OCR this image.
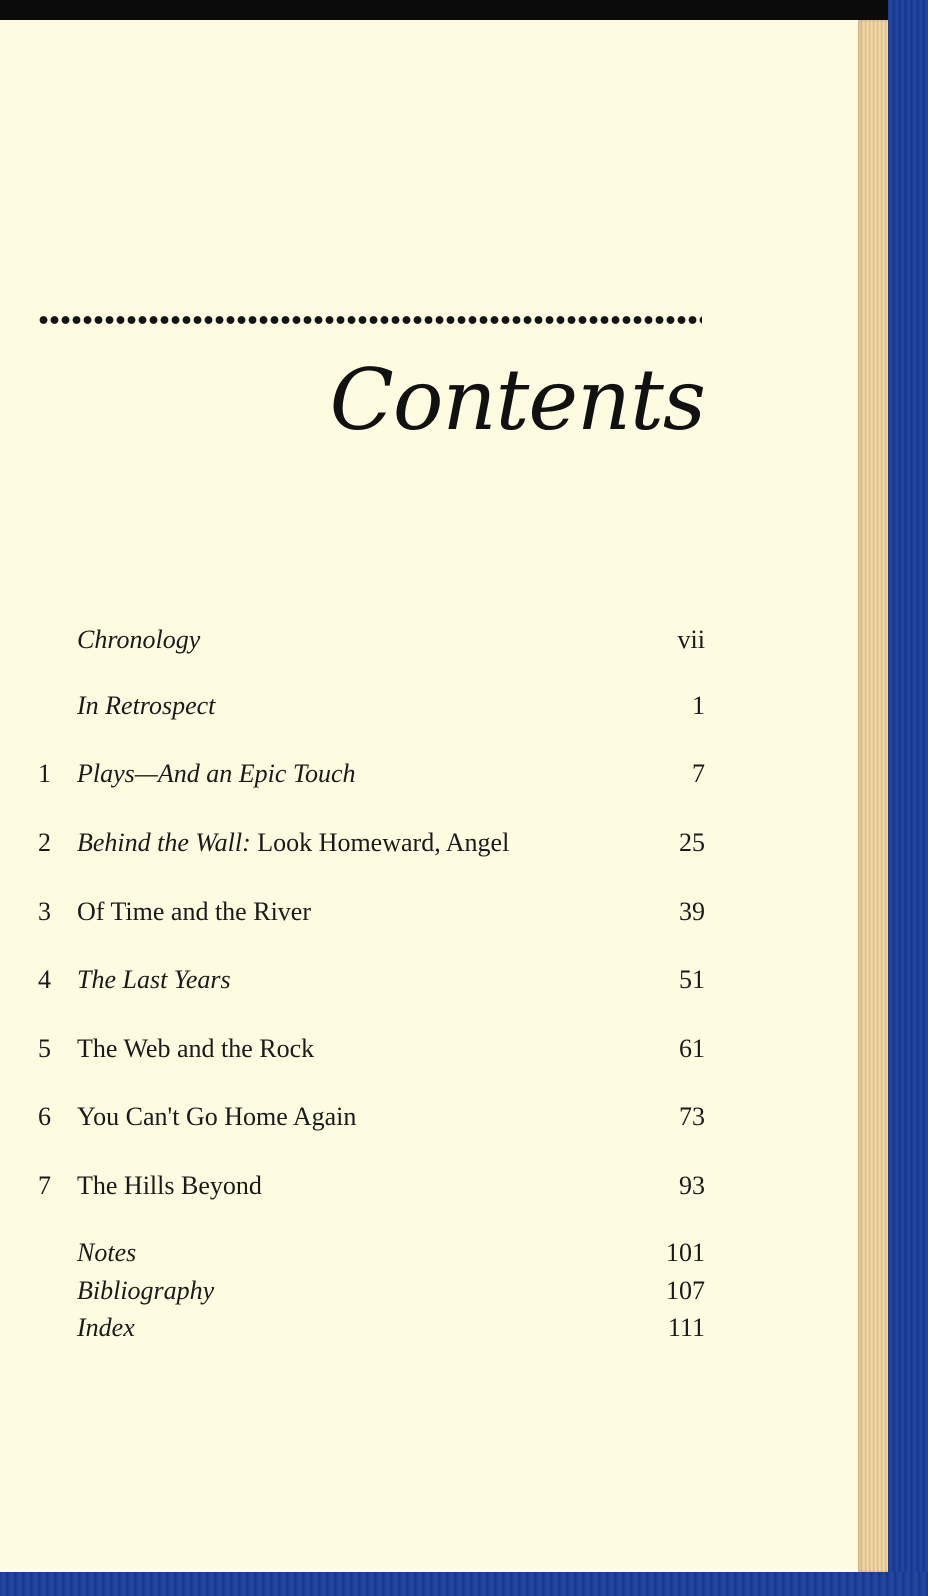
Contents
Chronology	vii
In Retrospect	1
1 Plays—And an Epic Touch	7
2 Behind the Wall: Look Homeward, Angel	25
3 Of Time and the River	39
4 The Last Years	51
5 The Web and the Rock	61
6 You Can't Go Home Again	73
7 The Hills Beyond	93
Notes	101
Bibliography	107
Index	111
